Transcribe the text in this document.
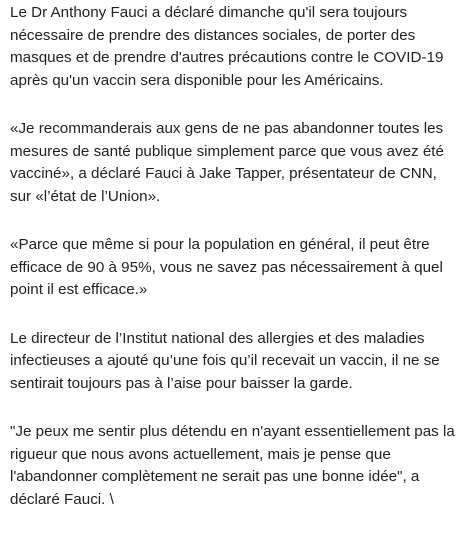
Le Dr Anthony Fauci a déclaré dimanche qu'il sera toujours nécessaire de prendre des distances sociales, de porter des masques et de prendre d'autres précautions contre le COVID-19 après qu'un vaccin sera disponible pour les Américains.

«Je recommanderais aux gens de ne pas abandonner toutes les mesures de santé publique simplement parce que vous avez été vacciné», a déclaré Fauci à Jake Tapper, présentateur de CNN, sur «l’état de l’Union».

«Parce que même si pour la population en général, il peut être efficace de 90 à 95%, vous ne savez pas nécessairement à quel point il est efficace.»

Le directeur de l’Institut national des allergies et des maladies infectieuses a ajouté qu’une fois qu’il recevait un vaccin, il ne se sentirait toujours pas à l’aise pour baisser la garde.

"Je peux me sentir plus détendu en n'ayant essentiellement pas la rigueur que nous avons actuellement, mais je pense que l'abandonner complètement ne serait pas une bonne idée", a déclaré Fauci. \
